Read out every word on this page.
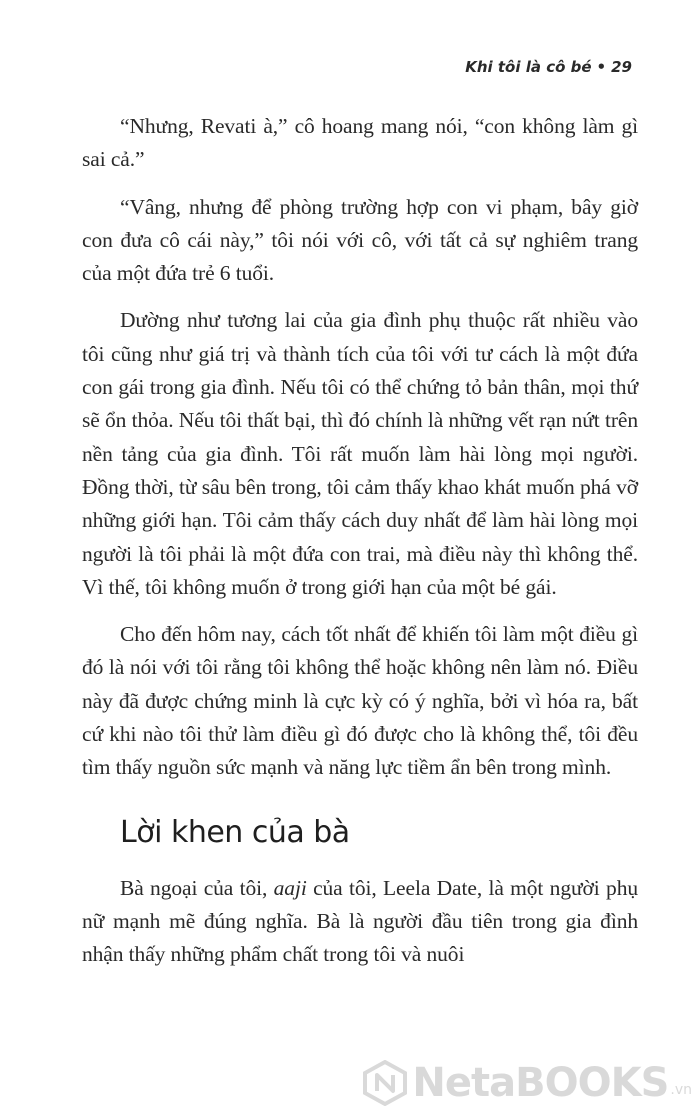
Khi tôi là cô bé • 29

“Nhưng, Revati à,” cô hoang mang nói, “con không làm gì sai cả.”

“Vâng, nhưng để phòng trường hợp con vi phạm, bây giờ con đưa cô cái này,” tôi nói với cô, với tất cả sự nghiêm trang của một đứa trẻ 6 tuổi.

Dường như tương lai của gia đình phụ thuộc rất nhiều vào tôi cũng như giá trị và thành tích của tôi với tư cách là một đứa con gái trong gia đình. Nếu tôi có thể chứng tỏ bản thân, mọi thứ sẽ ổn thỏa. Nếu tôi thất bại, thì đó chính là những vết rạn nứt trên nền tảng của gia đình. Tôi rất muốn làm hài lòng mọi người. Đồng thời, từ sâu bên trong, tôi cảm thấy khao khát muốn phá vỡ những giới hạn. Tôi cảm thấy cách duy nhất để làm hài lòng mọi người là tôi phải là một đứa con trai, mà điều này thì không thể. Vì thế, tôi không muốn ở trong giới hạn của một bé gái.

Cho đến hôm nay, cách tốt nhất để khiến tôi làm một điều gì đó là nói với tôi rằng tôi không thể hoặc không nên làm nó. Điều này đã được chứng minh là cực kỳ có ý nghĩa, bởi vì hóa ra, bất cứ khi nào tôi thử làm điều gì đó được cho là không thể, tôi đều tìm thấy nguồn sức mạnh và năng lực tiềm ẩn bên trong mình.

Lời khen của bà

Bà ngoại của tôi, aaji của tôi, Leela Date, là một người phụ nữ mạnh mẽ đúng nghĩa. Bà là người đầu tiên trong gia đình nhận thấy những phẩm chất trong tôi và nuôi

NetaBOOKS .vn
